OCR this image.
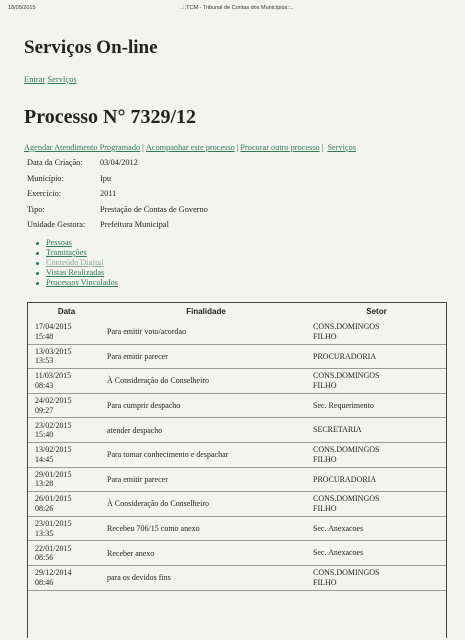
18/05/2015	..::TCM - Tribunal de Contas dos Municípios::..
Serviços On-line
Entrar Serviços
Processo N° 7329/12
Agendar Atendimento Programado | Acompanhar este processo | Procurar outro processo | Serviços
Data da Criação:	03/04/2012
Município:	Ipu
Exercício:	2011
Tipo:	Prestação de Contas de Governo
Unidade Gestora:	Prefeitura Municipal
Pessoas
Tramitações
Conteúdo Digital
Vistas Realizadas
Processos Vinculados
Data	Finalidade	Setor

17/04/2015
15:48	Para emitir voto/acordao	CONS.DOMINGOS
FILHO

13/03/2015
13:53	Para emitir parecer	PROCURADORIA

11/03/2015
08:43	À Consideração do Conselheiro	CONS.DOMINGOS
FILHO

24/02/2015
09:27	Para cumprir despacho	Sec. Requerimento

23/02/2015
15:40	atender despacho	SECRETARIA

13/02/2015
14:45	Para tomar conhecimento e despachar	CONS.DOMINGOS
FILHO

29/01/2015
13:28	Para emitir parecer	PROCURADORIA

26/01/2015
08:26	À Consideração do Conselheiro	CONS.DOMINGOS
FILHO

23/01/2015
13:35	Recebeu 706/15 como anexo	Sec. Anexacoes

22/01/2015
08:56	Receber anexo	Sec. Anexacoes

29/12/2014
08:46	para os devidos fins	CONS.DOMINGOS
FILHO
